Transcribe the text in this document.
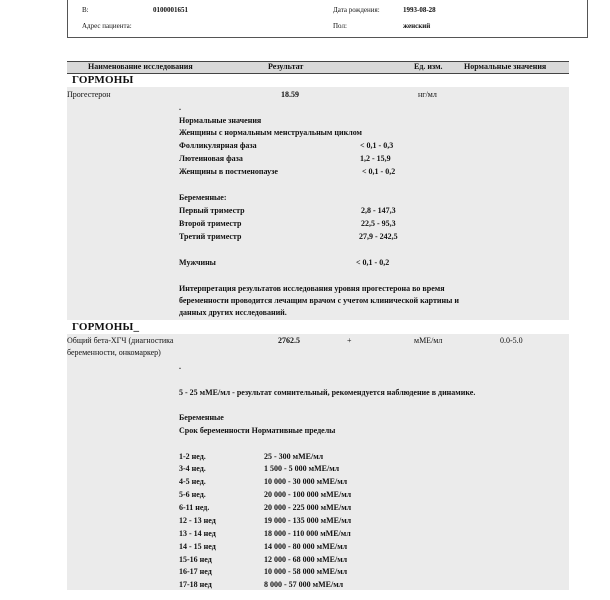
В:	0100001651	Дата рождения:	1993-08-28
Адрес пациента:	Пол:	женский
Наименование исследования	Результат	Ед. изм.	Нормальные значения
ГОРМОНЫ
Прогестерон	18.59	нг/мл
.
Нормальные значения
Женщины с нормальным менструальным циклом
Фолликулярная фаза	< 0,1 - 0,3
Лютеиновая фаза	1,2 - 15,9
Женщины в постменопаузе	< 0,1 - 0,2
Беременные:
Первый триместр	2,8 - 147,3
Второй триместр	22,5 - 95,3
Третий триместр	27,9 - 242,5
Мужчины	< 0,1 - 0,2
Интерпретация результатов исследования уровня прогестерона во время
беременности проводится лечащим врачом с учетом клинической картины и
данных других исследований.
ГОРМОНЫ_
Общий бета-ХГЧ (диагностика
беременности, онкомаркер)
2762.5	+	мМЕ/мл	0.0-5.0
.
5 - 25 мМЕ/мл - результат сомнительный, рекомендуется наблюдение в динамике.
Беременные
Срок беременности Нормативные пределы
1-2 нед.	25 - 300 мМЕ/мл
3-4 нед.	1 500 - 5 000 мМЕ/мл
4-5 нед.	10 000 - 30 000 мМЕ/мл
5-6 нед.	20 000 - 100 000 мМЕ/мл
6-11 нед.	20 000 - 225 000 мМЕ/мл
12 - 13 нед	19 000 - 135 000 мМЕ/мл
13 - 14 нед	18 000 - 110 000 мМЕ/мл
14 - 15 нед	14 000 - 80 000 мМЕ/мл
15-16 нед	12 000 - 68 000 мМЕ/мл
16-17 нед	10 000 - 58 000 мМЕ/мл
17-18 нед	8 000 - 57 000 мМЕ/мл
